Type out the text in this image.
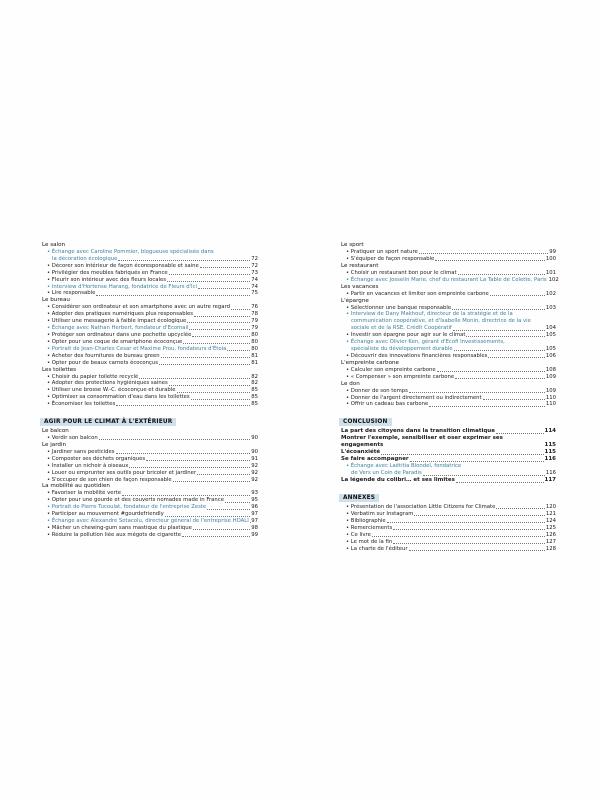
Le salon
• Échange avec Caroline Pommier, blogueuse spécialisée dans
la décoration écologique	72
• Décorer son intérieur de façon écoresponsable et saine	72
• Privilégier des meubles fabriqués en France	73
• Fleurir son intérieur avec des fleurs locales	74
• Interview d'Hortense Harang, fondatrice de Fleurs d'Ici	74
• Lire responsable	75
Le bureau
• Considérer son ordinateur et son smartphone avec un autre regard	76
• Adopter des pratiques numériques plus responsables	78
• Utiliser une messagerie à faible impact écologique	79
• Échange avec Nathan Herbert, fondateur d'Ecomail	79
• Protéger son ordinateur dans une pochette upcyclée	80
• Opter pour une coque de smartphone écoconçue	80
• Portrait de Jean-Charles Cesar et Maxime Prou, fondateurs d'Étola	80
• Acheter des fournitures de bureau green	81
• Opter pour de beaux carnets écoconçus	81
Les toilettes
• Choisir du papier toilette recyclé	82
• Adopter des protections hygiéniques saines	82
• Utiliser une brosse W.-C. écoconçue et durable	85
• Optimiser sa consommation d'eau dans les toilettes	85
• Économiser les toilettes	85
AGIR POUR LE CLIMAT À L'EXTÉRIEUR
Le balcon
• Verdir son balcon	90
Le jardin
• Jardiner sans pesticides	90
• Composter ses déchets organiques	91
• Installer un nichoir à oiseaux	92
• Louer ou emprunter ses outils pour bricoler et jardiner	92
• S'occuper de son chien de façon responsable	92
La mobilité au quotidien
• Favoriser la mobilité verte	93
• Opter pour une gourde et des couverts nomades made in France	95
• Portrait de Pierre Tucoulat, fondateur de l'entreprise Zeste	96
• Participer au mouvement #gourdefriendly	97
• Échange avec Alexandre Sotacolu, directeur général de l'entreprise HOALI 97
• Mâcher un chewing-gum sans mastique du plastique	98
• Réduire la pollution liée aux mégots de cigarette	99
Le sport
• Pratiquer un sport nature	99
• S'équiper de façon responsable	100
Le restaurant
• Choisir un restaurant bon pour le climat	101
• Échange avec Josselin Marie, chef du restaurant La Table de Colette, Paris 102
Les vacances
• Partir en vacances et limiter son empreinte carbone	102
L'épargne
• Sélectionner une banque responsable	103
• Interview de Dany Makhouf, directeur de la stratégie et de la
communication coopérative, et d'Isabelle Monin, directrice de la vie
sociale et de la RSE, Crédit Coopératif	104
• Investir son épargne pour agir sur le climat	105
• Échange avec Olivier Ken, gérant d'Ecofi Investissements,
spécialiste du développement durable	105
• Découvrir des innovations financières responsables	106
L'empreinte carbone
• Calculer son empreinte carbone	108
• « Compenser » son empreinte carbone	109
Le don
• Donner de son temps	109
• Donner de l'argent directement ou indirectement	110
• Offrir un cadeau bas carbone	110
CONCLUSION
La part des citoyens dans la transition climatique	114
Montrer l'exemple, sensibiliser et oser exprimer ses engagements	115
L'écoanxiété	115
Se faire accompagner	116
• Échange avec Laëtitia Blondel, fondatrice
de Vers un Coin de Paradis	116
La légende du colibri… et ses limites	117
ANNEXES
• Présentation de l'association Little Citizens for Climate	120
• Verbatim sur Instagram	121
• Bibliographie	124
• Remerciements	125
• Ce livre	126
• Le mot de la fin	127
• La charte de l'éditeur	128
